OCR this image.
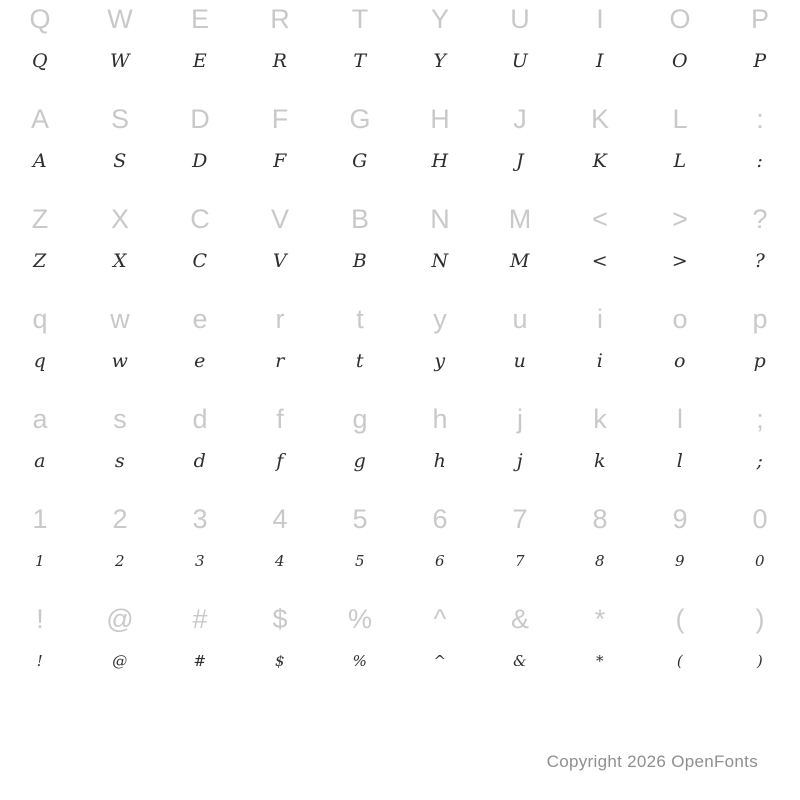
Q
Q
W
W
E
E
R
R
T
T
Y
Y
U
U
I
I
O
O
P
P
A
A
S
S
D
D
F
F
G
G
H
H
J
J
K
K
L
L
:
:
Z
Z
X
X
C
C
V
V
B
B
N
N
M
M
<
<
>
>
?
?
q
q
w
w
e
e
r
r
t
t
y
y
u
u
i
i
o
o
p
p
a
a
s
s
d
d
f
f
g
g
h
h
j
j
k
k
l
l
;
;
1
1
2
2
3
3
4
4
5
5
6
6
7
7
8
8
9
9
0
0
!
!
@
@
#
#
$
$
%
%
^
^
&
&
*
*
(
(
)
)
Copyright 2026 OpenFonts
